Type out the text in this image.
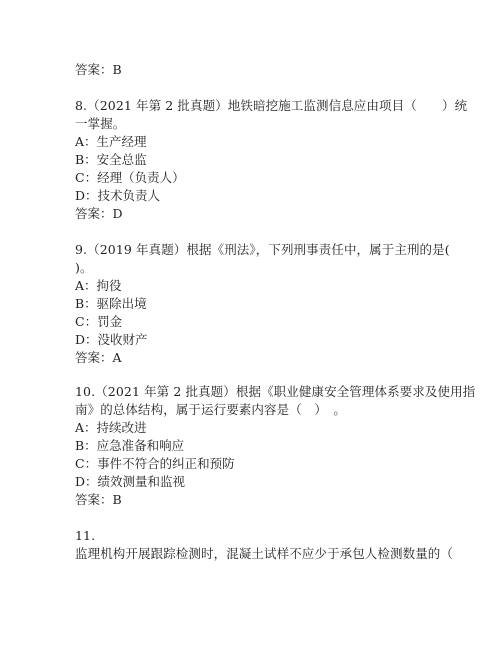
答案：B
8.（2021 年第 2 批真题）地铁暗挖施工监测信息应由项目（　　）统
一掌握。
A：生产经理
B：安全总监
C：经理（负责人）
D：技术负责人
答案：D
9.（2019 年真题）根据《刑法》，下列刑事责任中，属于主刑的是(
)。
A：拘役
B：驱除出境
C：罚金
D：没收财产
答案：A
10.（2021 年第 2 批真题）根据《职业健康安全管理体系要求及使用指
南》的总体结构，属于运行要素内容是（　）　。
A：持续改进
B：应急准备和响应
C：事件不符合的纠正和预防
D：绩效测量和监视
答案：B
11.
监理机构开展跟踪检测时，混凝土试样不应少于承包人检测数量的（
